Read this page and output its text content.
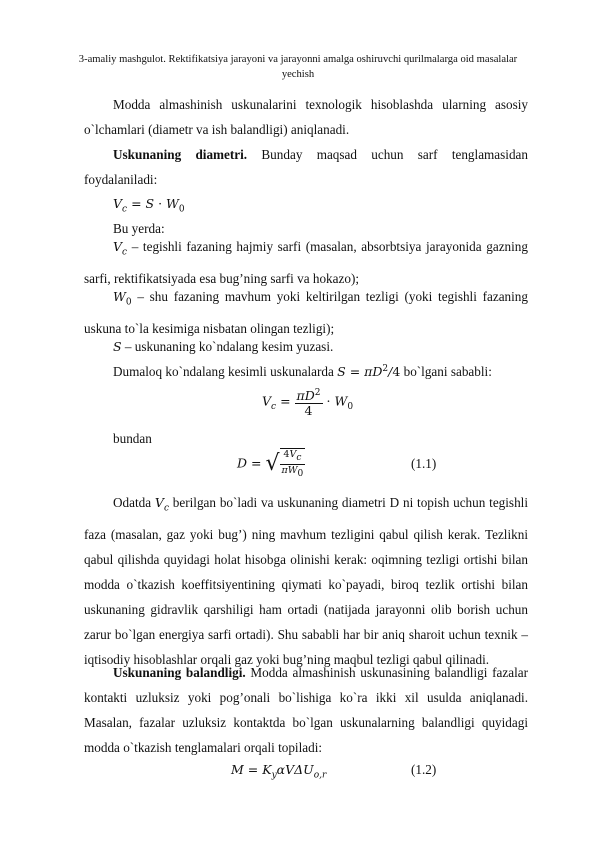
3-amaliy mashgulot. Rektifikatsiya jarayoni va jarayonni amalga oshiruvchi qurilmalarga oid masalalar
yechish

Modda almashinish uskunalarini texnologik hisoblashda ularning asosiy o`lchamlari (diametr va ish balandligi) aniqlanadi.

Uskunaning diametri. Bunday maqsad uchun sarf tenglamasidan foydalaniladi:

$V_c = S \cdot W_0$

Bu yerda:

$V_c$ – tegishli fazaning hajmiy sarfi (masalan, absorbtsiya jarayonida gazning sarfi, rektifikatsiyada esa bug’ning sarfi va hokazo);

$W_0$ – shu fazaning mavhum yoki keltirilgan tezligi (yoki tegishli fazaning uskuna to`la kesimiga nisbatan olingan tezligi);

S – uskunaning ko`ndalang kesim yuzasi.

Dumaloq ko`ndalang kesimli uskunalarda $S = \pi D^2/4$ bo`lgani sababli:

$V_c = \frac{\pi D^2}{4} \cdot W_0$

bundan

D = √ $\frac{4V_c}{\pi W_0}$	(1.1)

Odatda $V_c$ berilgan bo`ladi va uskunaning diametri D ni topish uchun tegishli faza (masalan, gaz yoki bug’) ning mavhum tezligini qabul qilish kerak. Tezlikni qabul qilishda quyidagi holat hisobga olinishi kerak: oqimning tezligi ortishi bilan modda o`tkazish koeffitsiyentining qiymati ko`payadi, biroq tezlik ortishi bilan uskunaning gidravlik qarshiligi ham ortadi (natijada jarayonni olib borish uchun zarur bo`lgan energiya sarfi ortadi). Shu sababli har bir aniq sharoit uchun texnik – iqtisodiy hisoblashlar orqali gaz yoki bug’ning maqbul tezligi qabul qilinadi.

Uskunaning balandligi. Modda almashinish uskunasining balandligi fazalar kontakti uzluksiz yoki pog’onali bo`lishiga ko`ra ikki xil usulda aniqlanadi. Masalan, fazalar uzluksiz kontaktda bo`lgan uskunalarning balandligi quyidagi modda o`tkazish tenglamalari orqali topiladi:

$M = K_y\alpha V\Delta U_{o‚r}$	(1.2)
